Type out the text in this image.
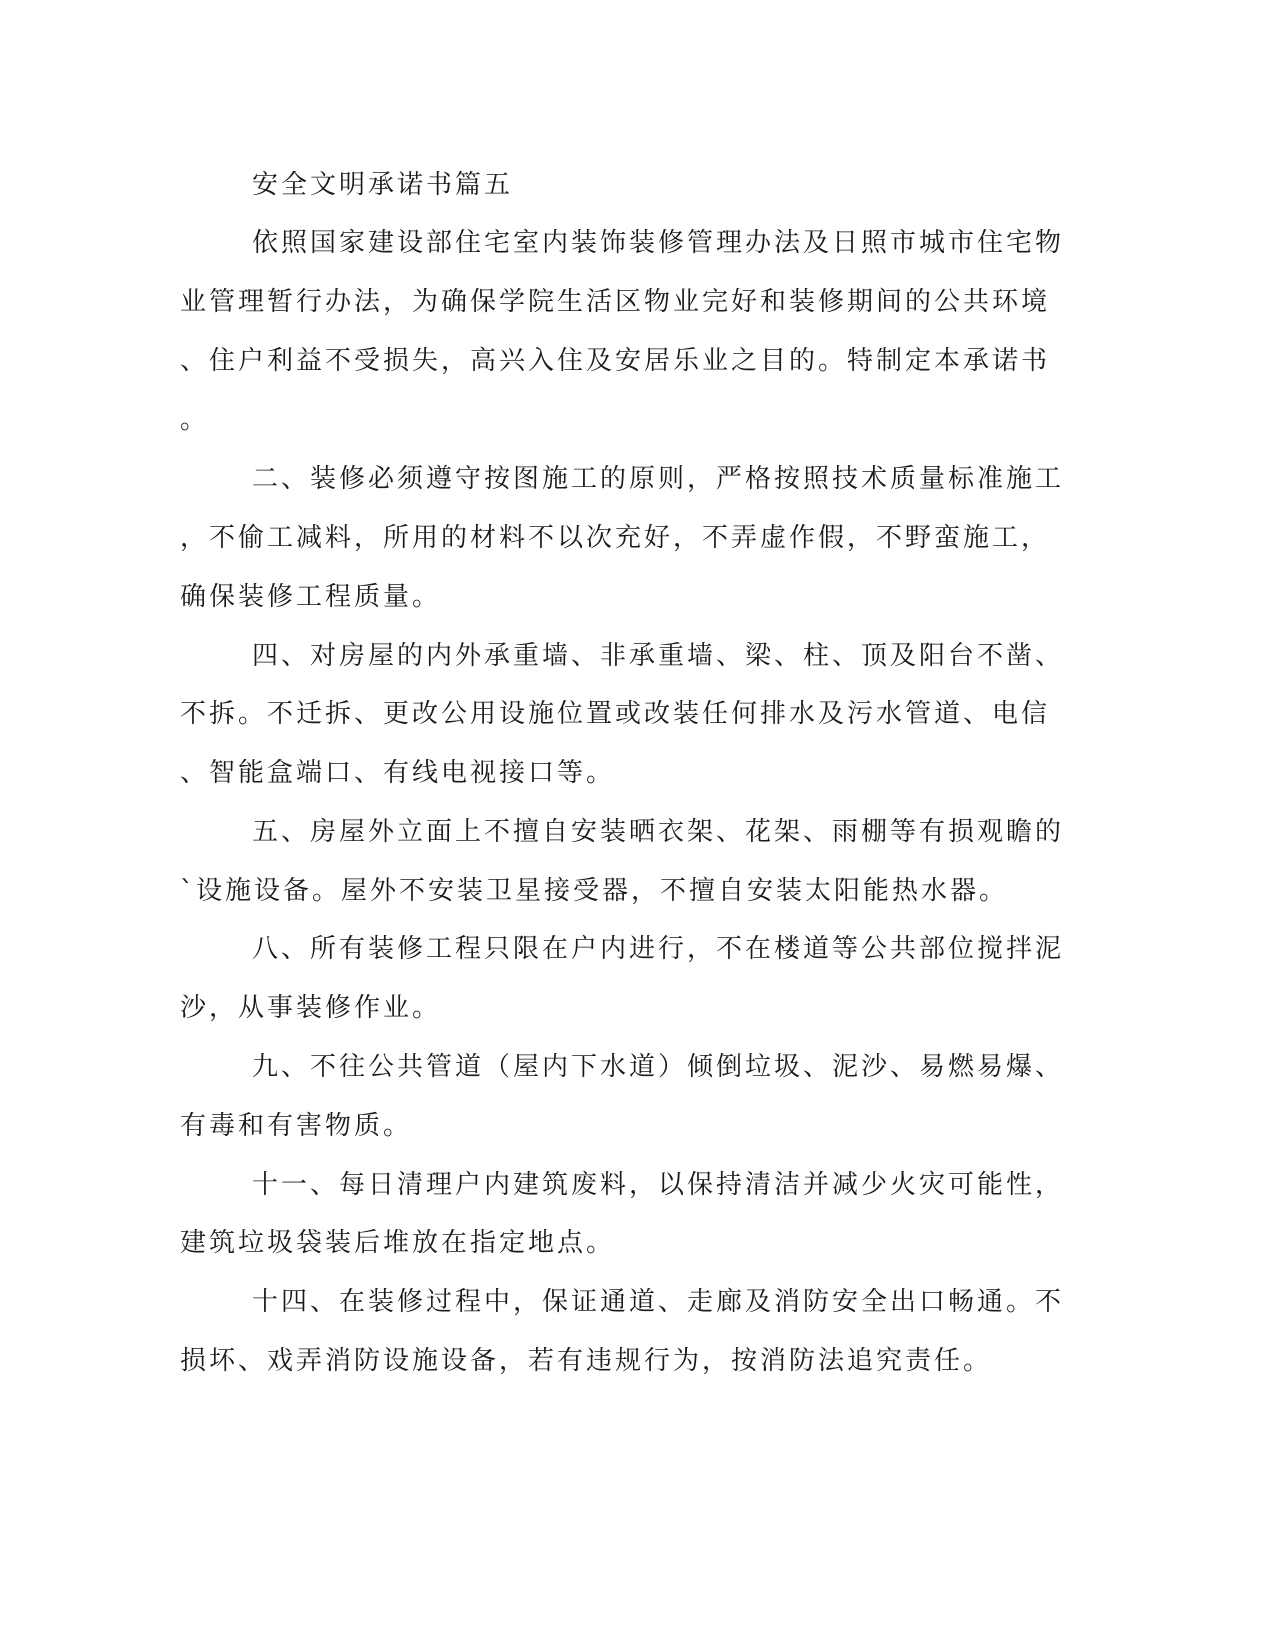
安全文明承诺书篇五

依照国家建设部住宅室内装饰装修管理办法及日照市城市住宅物

业管理暂行办法，为确保学院生活区物业完好和装修期间的公共环境

、住户利益不受损失，高兴入住及安居乐业之目的。特制定本承诺书

。

二、装修必须遵守按图施工的原则，严格按照技术质量标准施工

，不偷工减料，所用的材料不以次充好，不弄虚作假，不野蛮施工，

确保装修工程质量。

四、对房屋的内外承重墙、非承重墙、梁、柱、顶及阳台不凿、

不拆。不迁拆、更改公用设施位置或改装任何排水及污水管道、电信

、智能盒端口、有线电视接口等。

五、房屋外立面上不擅自安装晒衣架、花架、雨棚等有损观瞻的

`设施设备。屋外不安装卫星接受器，不擅自安装太阳能热水器。

八、所有装修工程只限在户内进行，不在楼道等公共部位搅拌泥

沙，从事装修作业。

九、不往公共管道（屋内下水道）倾倒垃圾、泥沙、易燃易爆、

有毒和有害物质。

十一、每日清理户内建筑废料，以保持清洁并减少火灾可能性，

建筑垃圾袋装后堆放在指定地点。

十四、在装修过程中，保证通道、走廊及消防安全出口畅通。不

损坏、戏弄消防设施设备，若有违规行为，按消防法追究责任。
